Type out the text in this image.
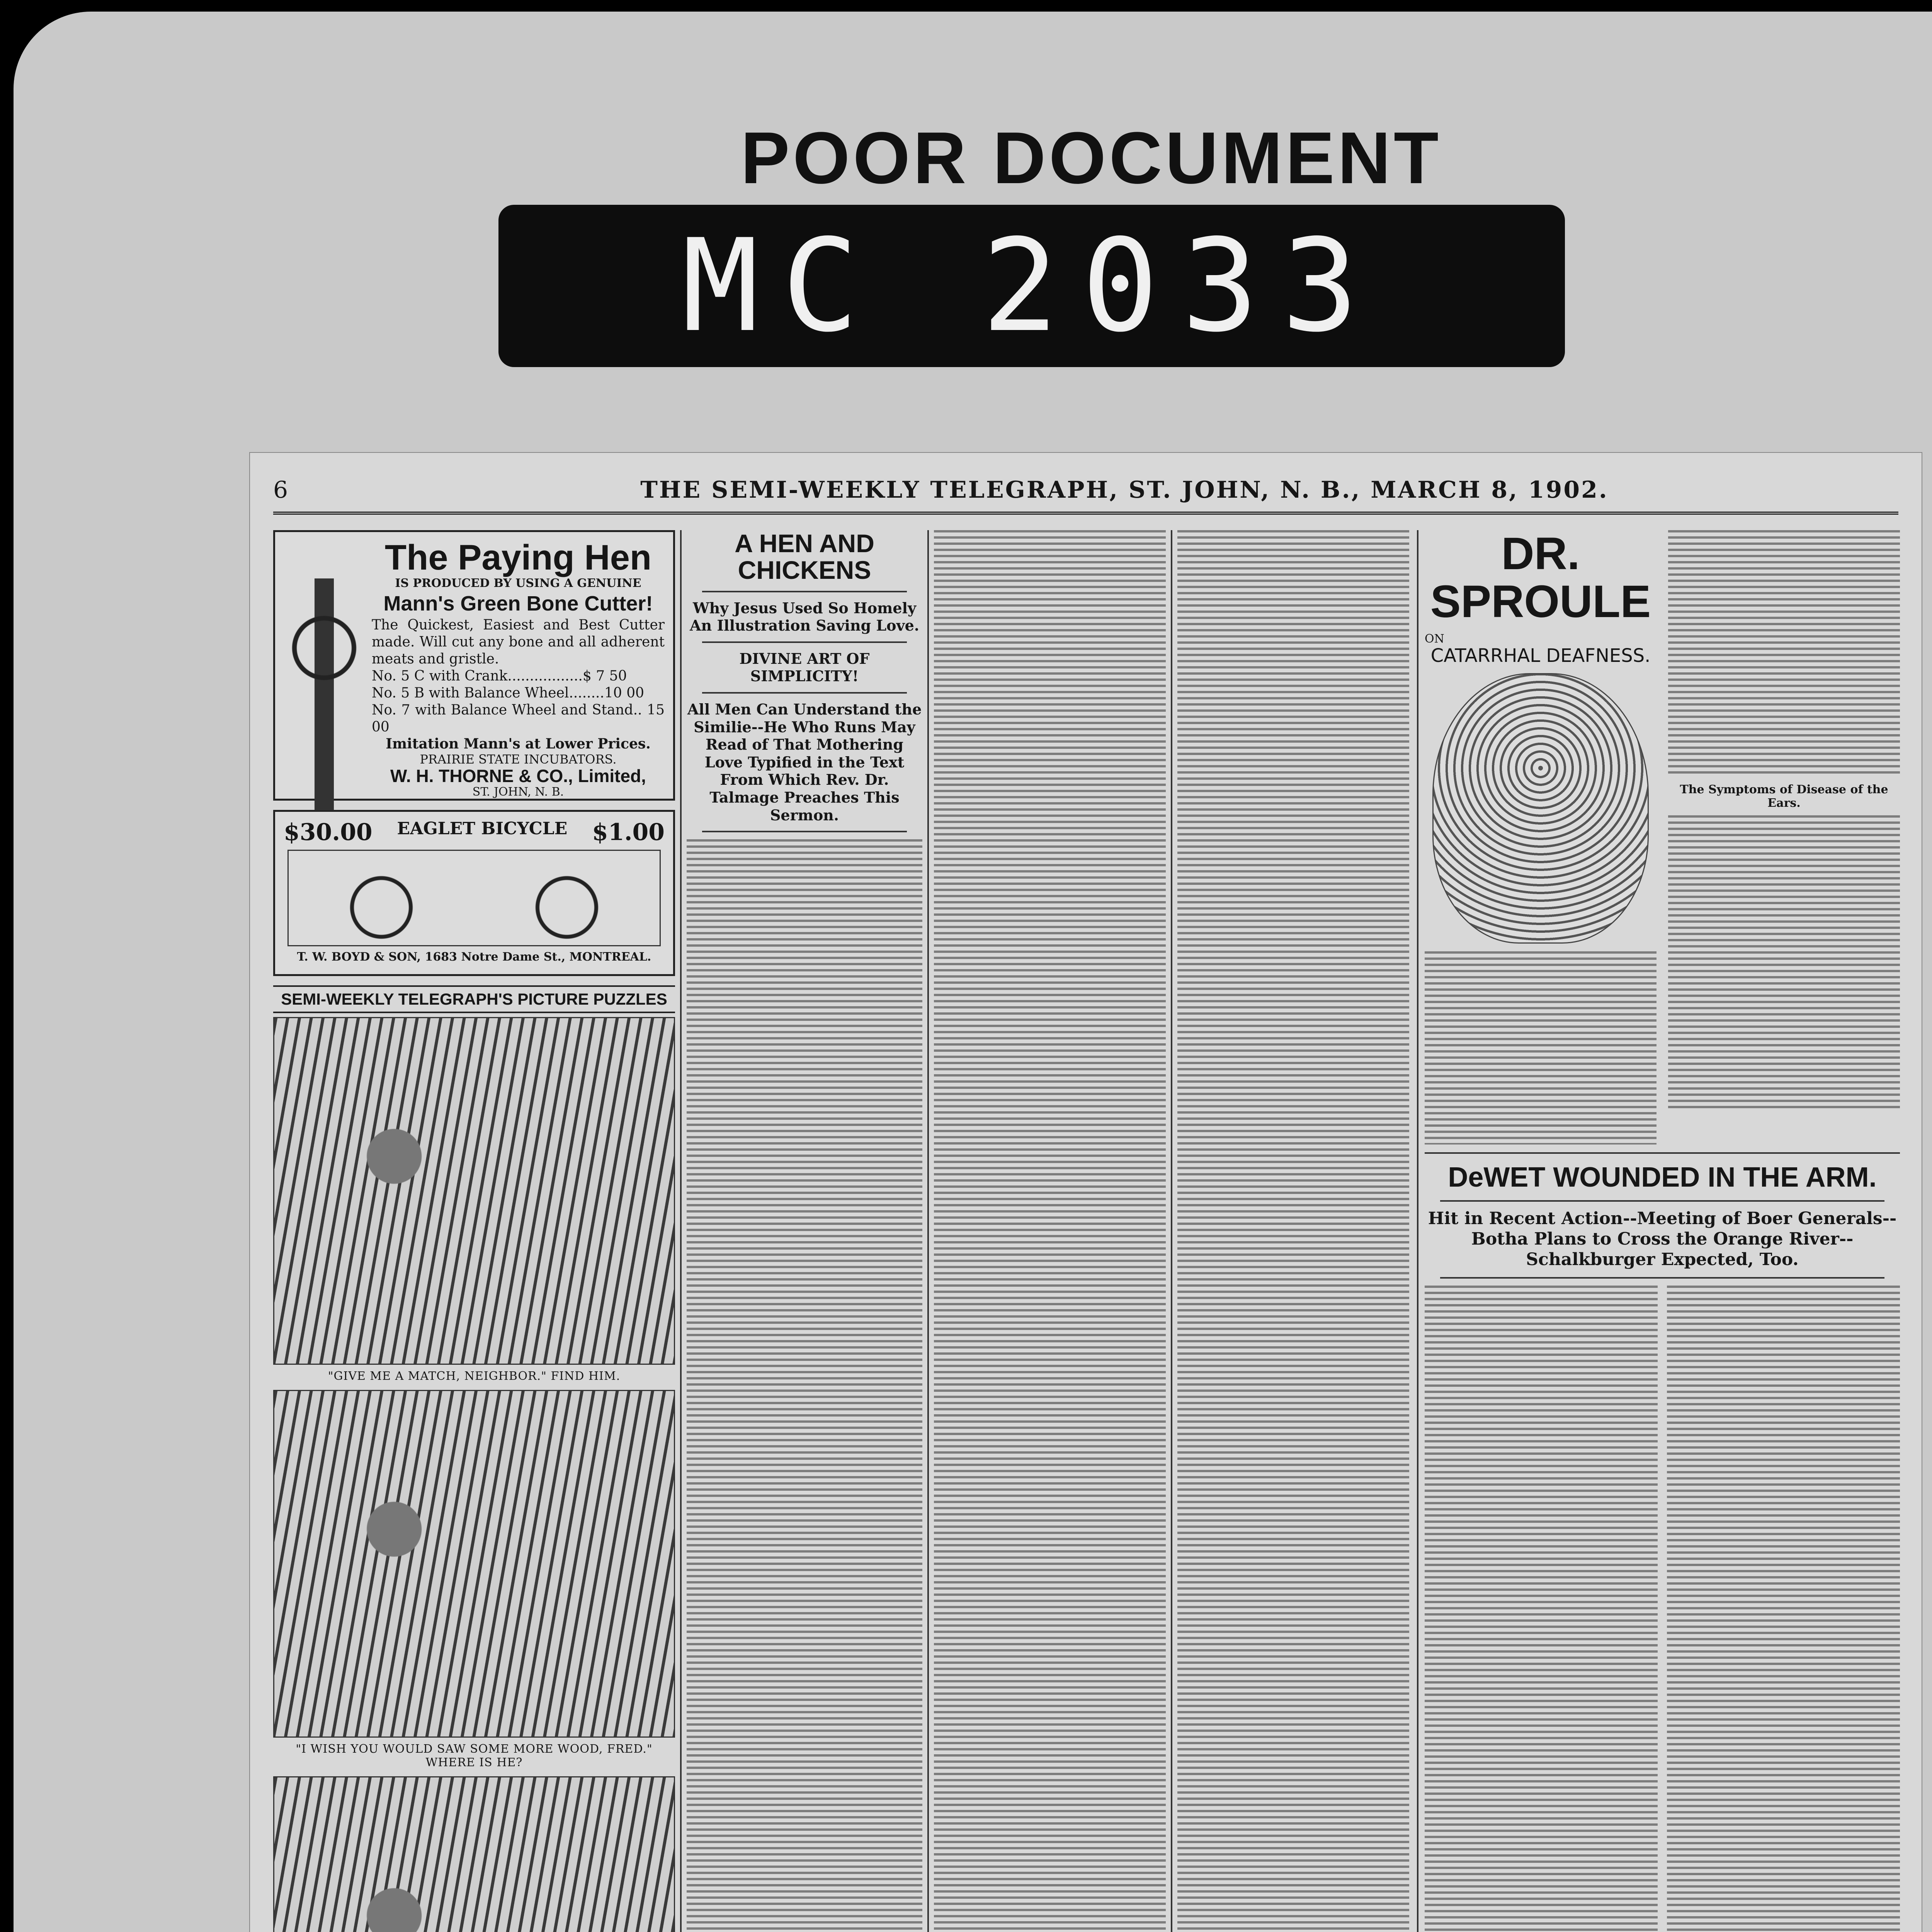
POOR DOCUMENT
MC 2033
6	THE SEMI-WEEKLY TELEGRAPH, ST. JOHN, N. B., MARCH 8, 1902.
The Paying Hen
IS PRODUCED BY USING A GENUINE
Mann's Green Bone Cutter!
The Quickest, Easiest and Best Cutter made. Will cut any bone and all adherent meats and gristle.
No. 5 C with Crank.................$ 7 50
No. 5 B with Balance Wheel........10 00
No. 7 with Balance Wheel and Stand.. 15 00
Imitation Mann's at Lower Prices.
PRAIRIE STATE INCUBATORS.
W. H. THORNE & CO., Limited,
ST. JOHN, N. B.
$30.00 EAGLET BICYCLE $1.00
T. W. BOYD & SON, 1683 Notre Dame St., MONTREAL.
SEMI-WEEKLY TELEGRAPH'S PICTURE PUZZLES
"GIVE ME A MATCH, NEIGHBOR." FIND HIM.
"I WISH YOU WOULD SAW SOME MORE WOOD, FRED." WHERE IS HE?
A HEN AND CHICKENS
Why Jesus Used So Homely An Illustration Saving Love.
DIVINE ART OF SIMPLICITY!
All Men Can Understand the Similie--He Who Runs May Read of That Mothering Love Typified in the Text From Which Rev. Dr. Talmage Preaches This Sermon.
DR. SPROULE
ON
CATARRHAL DEAFNESS.
The Symptoms of Disease of the Ears.
DeWET WOUNDED IN THE ARM.
Hit in Recent Action--Meeting of Boer Generals--Botha Plans to Cross the Orange River--Schalkburger Expected, Too.
